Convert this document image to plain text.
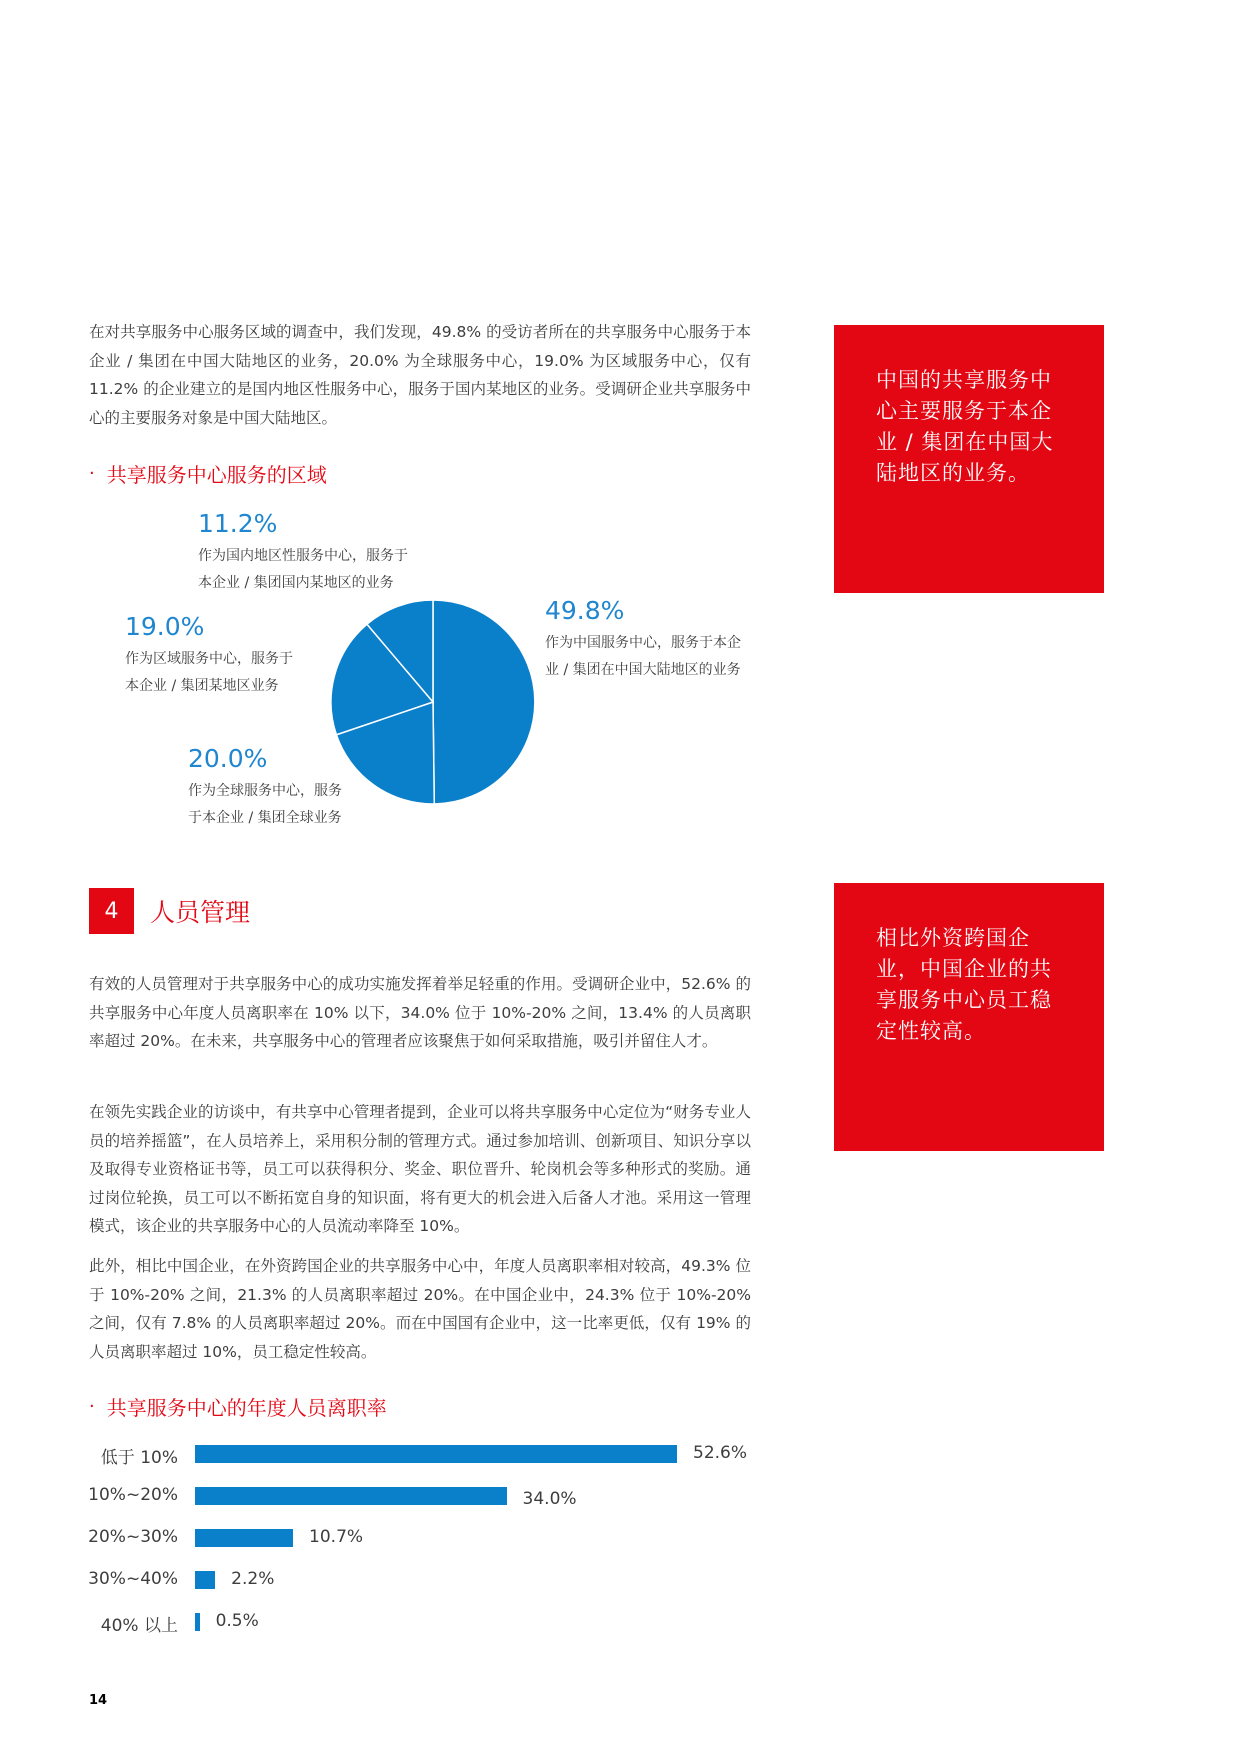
在对共享服务中心服务区域的调查中，我们发现，49.8% 的受访者所在的共享服务中心服务于本企业 / 集团在中国大陆地区的业务，20.0% 为全球服务中心，19.0% 为区域服务中心，仅有 11.2% 的企业建立的是国内地区性服务中心，服务于国内某地区的业务。受调研企业共享服务中心的主要服务对象是中国大陆地区。

中国的共享服务中心主要服务于本企业 / 集团在中国大陆地区的业务。
· 共享服务中心服务的区域
11.2%
作为国内地区性服务中心，服务于
本企业 / 集团国内某地区的业务
49.8%
作为中国服务中心，服务于本企
业 / 集团在中国大陆地区的业务
19.0%
作为区域服务中心，服务于
本企业 / 集团某地区业务
20.0%
作为全球服务中心，服务
于本企业 / 集团全球业务
4	人员管理
相比外资跨国企业，中国企业的共享服务中心员工稳定性较高。

有效的人员管理对于共享服务中心的成功实施发挥着举足轻重的作用。受调研企业中，52.6% 的共享服务中心年度人员离职率在 10% 以下，34.0% 位于 10%-20% 之间，13.4% 的人员离职率超过 20%。在未来，共享服务中心的管理者应该聚焦于如何采取措施，吸引并留住人才。

在领先实践企业的访谈中，有共享中心管理者提到，企业可以将共享服务中心定位为“财务专业人员的培养摇篮”，在人员培养上，采用积分制的管理方式。通过参加培训、创新项目、知识分享以及取得专业资格证书等，员工可以获得积分、奖金、职位晋升、轮岗机会等多种形式的奖励。通过岗位轮换，员工可以不断拓宽自身的知识面，将有更大的机会进入后备人才池。采用这一管理模式，该企业的共享服务中心的人员流动率降至 10%。

此外，相比中国企业，在外资跨国企业的共享服务中心中，年度人员离职率相对较高，49.3% 位于 10%-20% 之间，21.3% 的人员离职率超过 20%。在中国企业中，24.3% 位于 10%-20% 之间，仅有 7.8% 的人员离职率超过 20%。而在中国国有企业中，这一比率更低，仅有 19% 的人员离职率超过 10%，员工稳定性较高。

· 共享服务中心的年度人员离职率
低于 10%	52.6%
10%~20%	34.0%
20%~30%	10.7%
30%~40%	2.2%
40% 以上 0.5%
14
